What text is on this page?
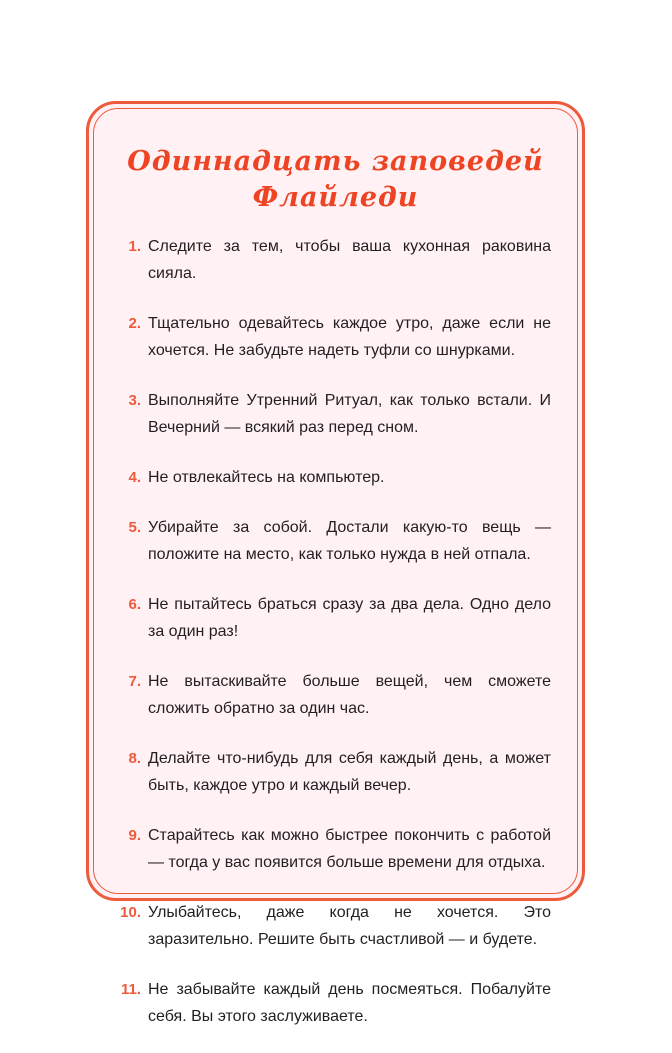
Одиннадцать заповедей
Флайледи
1. Следите за тем, чтобы ваша кухонная раковина сияла.

2. Тщательно одевайтесь каждое утро, даже если не хочется. Не забудьте надеть туфли со шнурками.

3. Выполняйте Утренний Ритуал, как только встали. И Вечерний — всякий раз перед сном.

4. Не отвлекайтесь на компьютер.

5. Убирайте за собой. Достали какую-то вещь — положите на место, как только нужда в ней отпала.

6. Не пытайтесь браться сразу за два дела. Одно дело за один раз!

7. Не вытаскивайте больше вещей, чем сможете сложить обратно за один час.

8. Делайте что-нибудь для себя каждый день, а может быть, каждое утро и каждый вечер.

9. Старайтесь как можно быстрее покончить с работой — тогда у вас появится больше времени для отдыха.

10. Улыбайтесь, даже когда не хочется. Это заразительно. Решите быть счастливой — и будете.

11. Не забывайте каждый день посмеяться. Побалуйте себя. Вы этого заслуживаете.
